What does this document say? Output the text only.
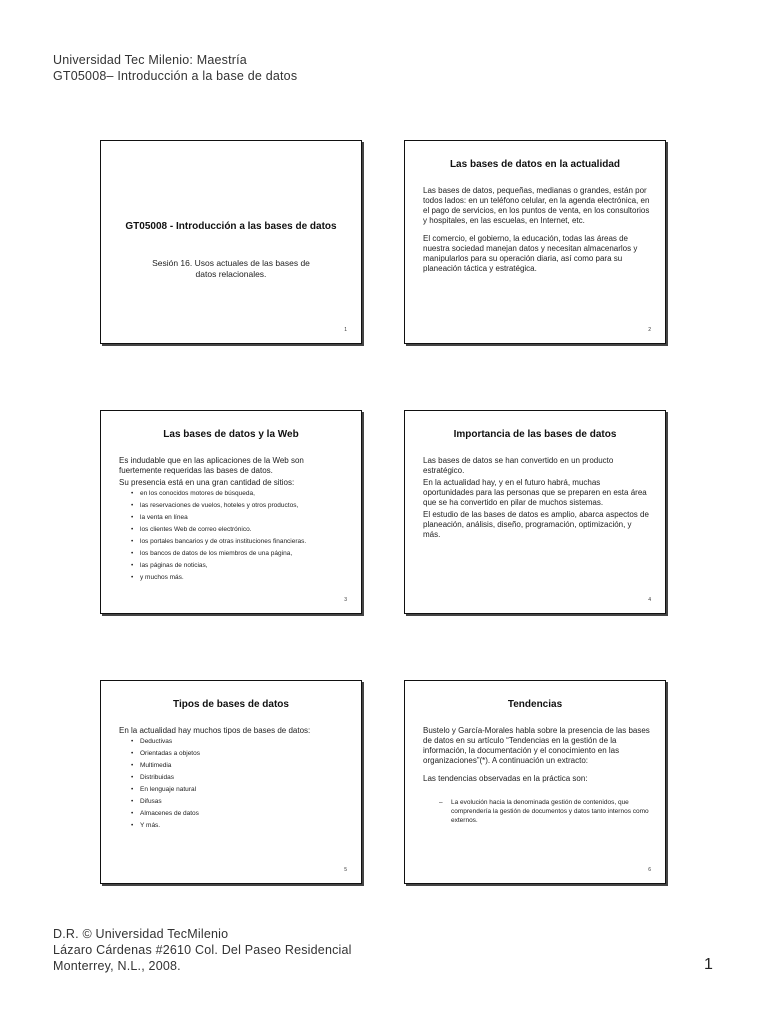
Universidad Tec Milenio: Maestría
GT05008– Introducción a la base de datos
GT05008 - Introducción a las bases de datos
Sesión 16. Usos actuales de las bases de datos relacionales.
1
Las bases de datos en la actualidad

Las bases de datos, pequeñas, medianas o grandes, están por todos lados: en un teléfono celular, en la agenda electrónica, en el pago de servicios, en los puntos de venta, en los consultorios y hospitales, en las escuelas, en Internet, etc.

El comercio, el gobierno, la educación, todas las áreas de nuestra sociedad manejan datos y necesitan almacenarlos y manipularlos para su operación diaria, así como para su planeación táctica y estratégica.

2
Las bases de datos y la Web

Es indudable que en las aplicaciones de la Web son fuertemente requeridas las bases de datos.

Su presencia está en una gran cantidad de sitios:

• en los conocidos motores de búsqueda,
• las reservaciones de vuelos, hoteles y otros productos,
• la venta en línea
• los clientes Web de correo electrónico.
• los portales bancarios y de otras instituciones financieras.
• los bancos de datos de los miembros de una página,
• las páginas de noticias,
• y muchos más.
3
Importancia de las bases de datos

Las bases de datos se han convertido en un producto estratégico.

En la actualidad hay, y en el futuro habrá, muchas oportunidades para las personas que se preparen en esta área que se ha convertido en pilar de muchos sistemas.

El estudio de las bases de datos es amplio, abarca aspectos de planeación, análisis, diseño, programación, optimización, y más.

4
Tipos de bases de datos

En la actualidad hay muchos tipos de bases de datos:

• Deductivas
• Orientadas a objetos
• Multimedia
• Distribuidas
• En lenguaje natural
• Difusas
• Almacenes de datos
• Y más.
5
Tendencias

Bustelo y García-Morales habla sobre la presencia de las bases de datos en su artículo “Tendencias en la gestión de la información, la documentación y el conocimiento en las organizaciones”(*). A continuación un extracto:

Las tendencias observadas en la práctica son:

– La evolución hacia la denominada gestión de contenidos, que comprendería la gestión de documentos y datos tanto internos como externos.
6
D.R. © Universidad TecMilenio
Lázaro Cárdenas #2610 Col. Del Paseo Residencial
Monterrey, N.L., 2008.	1
